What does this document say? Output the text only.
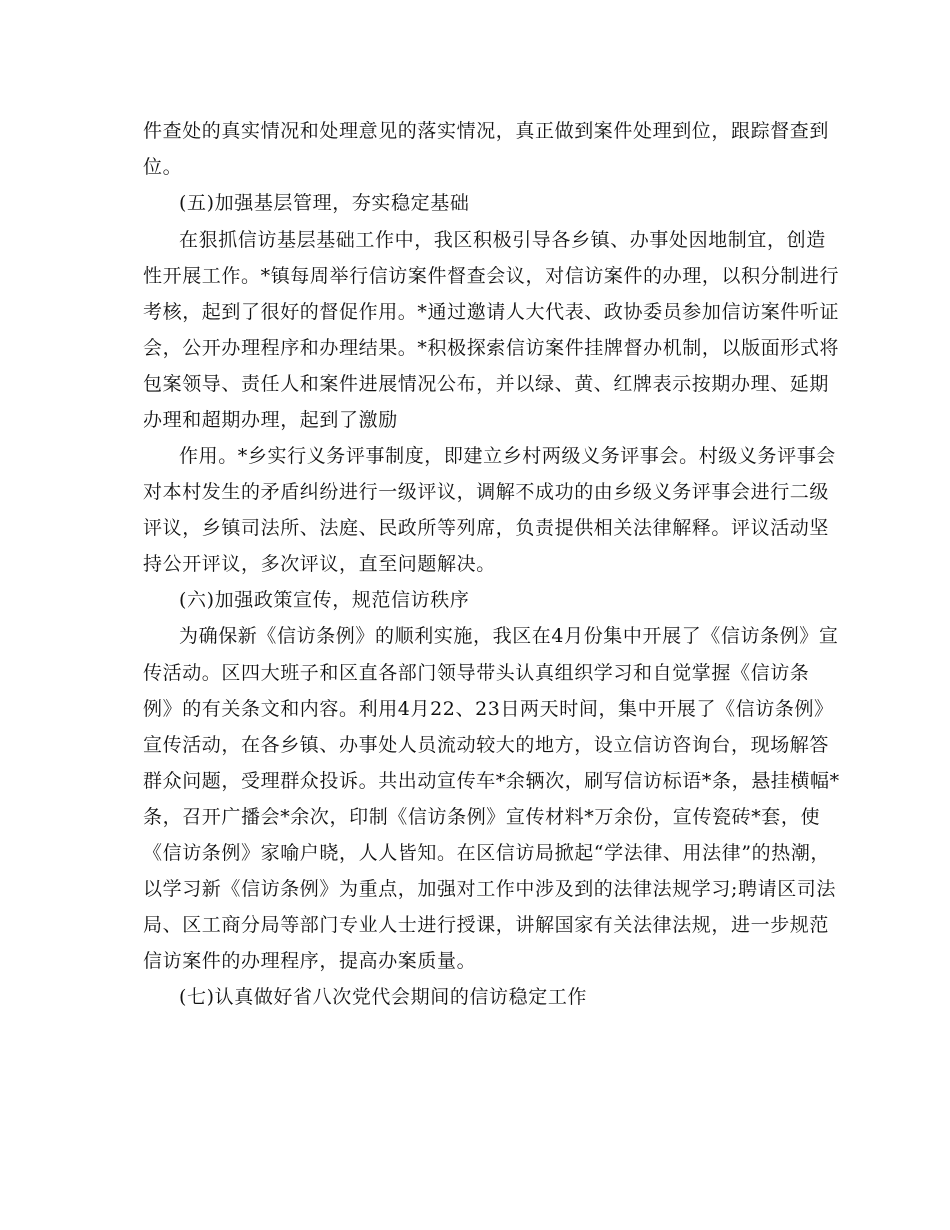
件查处的真实情况和处理意见的落实情况，真正做到案件处理到位，跟踪督查到
位。
(五)加强基层管理，夯实稳定基础
在狠抓信访基层基础工作中，我区积极引导各乡镇、办事处因地制宜，创造
性开展工作。*镇每周举行信访案件督查会议，对信访案件的办理，以积分制进行
考核，起到了很好的督促作用。*通过邀请人大代表、政协委员参加信访案件听证
会，公开办理程序和办理结果。*积极探索信访案件挂牌督办机制，以版面形式将
包案领导、责任人和案件进展情况公布，并以绿、黄、红牌表示按期办理、延期
办理和超期办理，起到了激励
作用。*乡实行义务评事制度，即建立乡村两级义务评事会。村级义务评事会
对本村发生的矛盾纠纷进行一级评议，调解不成功的由乡级义务评事会进行二级
评议，乡镇司法所、法庭、民政所等列席，负责提供相关法律解释。评议活动坚
持公开评议，多次评议，直至问题解决。
(六)加强政策宣传，规范信访秩序
为确保新《信访条例》的顺利实施，我区在4月份集中开展了《信访条例》宣
传活动。区四大班子和区直各部门领导带头认真组织学习和自觉掌握《信访条
例》的有关条文和内容。利用4月22、23日两天时间，集中开展了《信访条例》
宣传活动，在各乡镇、办事处人员流动较大的地方，设立信访咨询台，现场解答
群众问题，受理群众投诉。共出动宣传车*余辆次，刷写信访标语*条，悬挂横幅*
条，召开广播会*余次，印制《信访条例》宣传材料*万余份，宣传瓷砖*套，使
《信访条例》家喻户晓，人人皆知。在区信访局掀起“学法律、用法律”的热潮，
以学习新《信访条例》为重点，加强对工作中涉及到的法律法规学习;聘请区司法
局、区工商分局等部门专业人士进行授课，讲解国家有关法律法规，进一步规范
信访案件的办理程序，提高办案质量。
(七)认真做好省八次党代会期间的信访稳定工作
